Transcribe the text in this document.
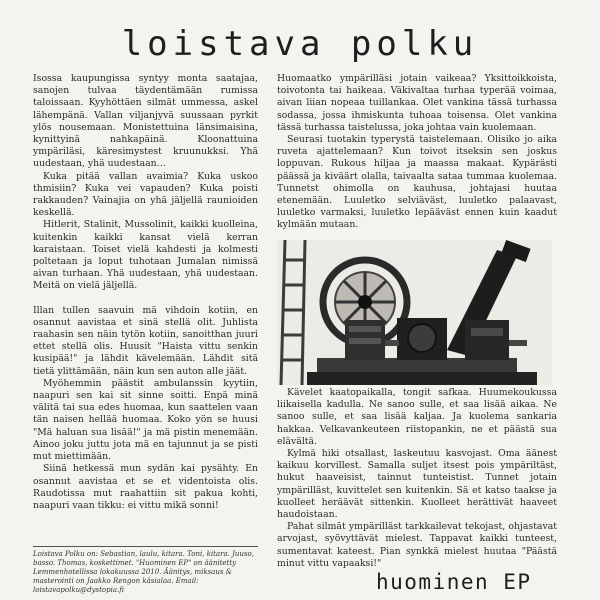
loistava polku

Isossa kaupungissa syntyy monta saatajaa, sanojen tulvaa täydentämään rumissa taloissaan. Kyyhöttäen silmät ummessa, askel lähempänä. Vallan viljanjyvä suussaan pyrkit ylös nousemaan. Monistettuina länsimaisina, kynittyinä nahkapäinä. Kloonattuina ympäriläsi, käresimystest kruunukksi. Yhä uudestaan, yhä uudestaan…

Kuka pitää vallan avaimia? Kuka uskoo thmisiin? Kuka vei vapauden? Kuka poisti rakkauden? Vainajia on yhä jäljellä raunioiden keskellä.

Hitlerit, Stalinit, Mussolinit, kaikki kuolleina, kuitenkin kaikki kansat vielä kerran karaistaan. Toiset vielä kahdesti ja kolmesti poltetaan ja loput tuhotaan Jumalan nimissä aivan turhaan. Yhä uudestaan, yhä uudestaan. Meitä on vielä jäljellä.

Illan tullen saavuin mä vihdoin kotiin, en osannut aavistaa et sinä stellä olit. Juhlista raahasin sen näin tytön kotiin, sanoitthan juuri ettet stellä olis. Huusit "Haista vittu senkin kusipää!" ja lähdit kävelemään. Lähdit sitä tietä ylittämään, näin kun sen auton alle jäät.

Myöhemmin päästit ambulanssin kyytiin, naapuri sen kai sit sinne soitti. Enpä minä välitä tai sua edes huomaa, kun saattelen vaan tän naisen hellää huomaa. Koko yön se huusi "Mä haluan sua lisää!" ja mä pistin menemään. Ainoo joku juttu jota mä en tajunnut ja se pisti mut miettimään.

Siinä hetkessä mun sydän kai pysähty. En osannut aavistaa et se et videntoista olis. Raudotissa mut raahattiin sit pakua kohti, naapuri vaan tikku: ei vittu mikä sonni!

Huomaatko ympärilläsi jotain vaikeaa? Yksittoikkoista, toivotonta tai haikeaa. Väkivaltaa turhaa typerää voimaa, aivan liian nopeaa tuillankaa. Olet vankina tässä turhassa sodassa, jossa ihmiskunta tuhoaa toisensa. Olet vankina tässä turhassa taistelussa, joka johtaa vain kuolemaan.

Seurasi tuotakin typerystä taistelemaan. Olisiko jo aika ruveta ajattelemaan? Kun toivot itseksin sen joskus loppuvan. Rukous hiljaa ja maassa makaat. Kypärästi päässä ja kiväärt olalla, taivaalta sataa tummaa kuolemaa. Tunnetst ohimolla on kauhusa, johtajasi huutaa etenemään. Luuletko selviäväst, luuletko palaavast, luuletko varmaksi, luuletko lepääväst ennen kuin kaadut kylmään mutaan.

Kävelet kaatopaikalla, tongit safkaa. Huumekoukussa liikaisella kadulla. Ne sanoo sulle, et saa lisää aikaa. Ne sanoo sulle, et saa lisää kaljaa. Ja kuolema sankaria hakkaa. Velkavankeuteen riistopankin, ne et päästä sua elävältä.

Kylmä hiki otsallast, laskeutuu kasvojast. Oma äänest kaikuu korvillest. Samalla suljet itsest pois ympäriltäst, hukut haaveisist, tainnut tunteistist. Tunnet jotain ympärilläst, kuvittelet sen kuitenkin. Sä et katso taakse ja kuolleet heräävät sittenkin. Kuolleet herättivät haaveet haudoistaan.

Pahat silmät ympärilläst tarkkailevat tekojast, ohjastavat arvojast, syövyttävät mielest. Tappavat kaikki tunteest, sumentavat kateest. Pian synkkä mielest huutaa "Päästä minut vittu vapaaksi!"

Loistava Polku on: Sebastian, laulu, kitara. Toni, kitara. Juuso, basso. Thomas, koskettimet. "Huominen EP" on äänitetty Lemmenhotellissa lokakuussa 2010. Äänitys, miksaus & masterointi on Jaakko Rengon käsialaa. Email: loistavapolku@dystopia.fi	huominen EP
